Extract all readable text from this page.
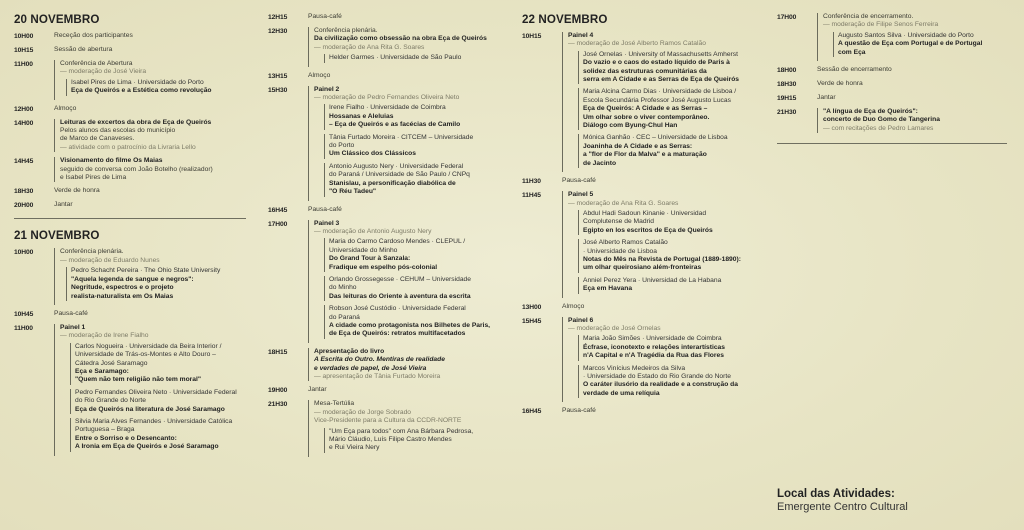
20 NOVEMBRO
10H00	Receção dos participantes
10H15	Sessão de abertura
11H00	Conferência de Abertura
— moderação de José Vieira
Isabel Pires de Lima · Universidade do Porto
Eça de Queirós e a Estética como revolução
12H00	Almoço
14H00	Leituras de excertos da obra de Eça de Queirós
Pelos alunos das escolas do município
de Marco de Canaveses.
— atividade com o patrocínio da Livraria Lello
14H45	Visionamento do filme Os Maias
seguido de conversa com João Botelho (realizador)
e Isabel Pires de Lima
18H30	Verde de honra
20H00	Jantar
21 NOVEMBRO
10H00	Conferência plenária.
— moderação de Eduardo Nunes
Pedro Schacht Pereira · The Ohio State University
"Aquela legenda de sangue e negros":
Negritude, espectros e o projeto
realista-naturalista em Os Maias
10H45	Pausa-café
11H00	Painel 1
— moderação de Irene Fialho
Carlos Nogueira · Universidade da Beira Interior /
Universidade de Trás-os-Montes e Alto Douro –
Cátedra José Saramago
Eça e Saramago:
"Quem não tem religião não tem moral"
Pedro Fernandes Oliveira Neto · Universidade Federal
do Rio Grande do Norte
Eça de Queirós na literatura de José Saramago
Silvia Maria Alves Fernandes · Universidade Católica
Portuguesa – Braga
Entre o Sorriso e o Desencanto:
A Ironia em Eça de Queirós e José Saramago
12H15	Pausa-café
12H30	Conferência plenária.
Da civilização como obsessão na obra Eça de Queirós
— moderação de Ana Rita G. Soares
Helder Garmes · Universidade de São Paulo
13H15	Almoço
15H30	Painel 2
— moderação de Pedro Fernandes Oliveira Neto
Irene Fialho · Universidade de Coimbra
Hossanas e Aleluias
– Eça de Queirós e as facécias de Camilo
Tânia Furtado Moreira · CITCEM – Universidade
do Porto
Um Clássico dos Clássicos
Antonio Augusto Nery · Universidade Federal
do Paraná / Universidade de São Paulo / CNPq
Stanislau, a personificação diabólica de
"O Réu Tadeu"
16H45	Pausa-café
17H00	Painel 3
— moderação de Antonio Augusto Nery
Maria do Carmo Cardoso Mendes · CLEPUL /
Universidade do Minho
Do Grand Tour à Sanzala:
Fradique em espelho pós-colonial
Orlando Grossegesse · CEHUM – Universidade
do Minho
Das leituras do Oriente à aventura da escrita
Robson José Custódio · Universidade Federal
do Paraná
A cidade como protagonista nos Bilhetes de Paris,
de Eça de Queirós: retratos multifacetados
18H15	Apresentação do livro
A Escrita do Outro. Mentiras de realidade
e verdades de papel, de José Vieira
— apresentação de Tânia Furtado Moreira
19H00	Jantar
21H30	Mesa-Tertúlia
— moderação de Jorge Sobrado
Vice-Presidente para a Cultura da CCDR-NORTE
"Um Eça para todos" com Ana Bárbara Pedrosa,
Mário Cláudio, Luís Filipe Castro Mendes
e Rui Vieira Nery
22 NOVEMBRO
10H15	Painel 4
— moderação de José Alberto Ramos Catalão
José Ornelas · University of Massachusetts Amherst
Do vazio e o caos do estado líquido de Paris à
solidez das estruturas comunitárias da
serra em A Cidade e as Serras de Eça de Queirós
Maria Alcina Carmo Dias · Universidade de Lisboa /
Escola Secundária Professor José Augusto Lucas
Eça de Queirós: A Cidade e as Serras –
Um olhar sobre o viver contemporâneo.
Diálogo com Byung-Chul Han
Mónica Ganhão · CEC – Universidade de Lisboa
Joaninha de A Cidade e as Serras:
a "flor de Flor da Malva" e a maturação
de Jacinto
11H30	Pausa-café
11H45	Painel 5
— moderação de Ana Rita G. Soares
Abdul Hadi Sadoun Kinanie · Universidad
Complutense de Madrid
Egipto en los escritos de Eça de Queirós
José Alberto Ramos Catalão
· Universidade de Lisboa
Notas do Mês na Revista de Portugal (1889-1890):
um olhar queirosiano além-fronteiras
Anniel Perez Yera · Universidad de La Habana
Eça em Havana
13H00	Almoço
15H45	Painel 6
— moderação de José Ornelas
Maria João Simões · Universidade de Coimbra
Écfrase, iconotexto e relações interartísticas
n'A Capital e n'A Tragédia da Rua das Flores
Marcos Vinícius Medeiros da Silva
· Universidade do Estado do Rio Grande do Norte
O caráter ilusório da realidade e a construção da
verdade de uma relíquia
16H45	Pausa-café
17H00	Conferência de encerramento.
— moderação de Filipe Senos Ferreira
Augusto Santos Silva · Universidade do Porto
A questão de Eça com Portugal e de Portugal
com Eça
18H00	Sessão de encerramento
18H30	Verde de honra
19H15	Jantar
21H30	"A língua de Eça de Queirós":
concerto de Duo Gomo de Tangerina
— com recitações de Pedro Lamares
Local das Atividades:
Emergente Centro Cultural
